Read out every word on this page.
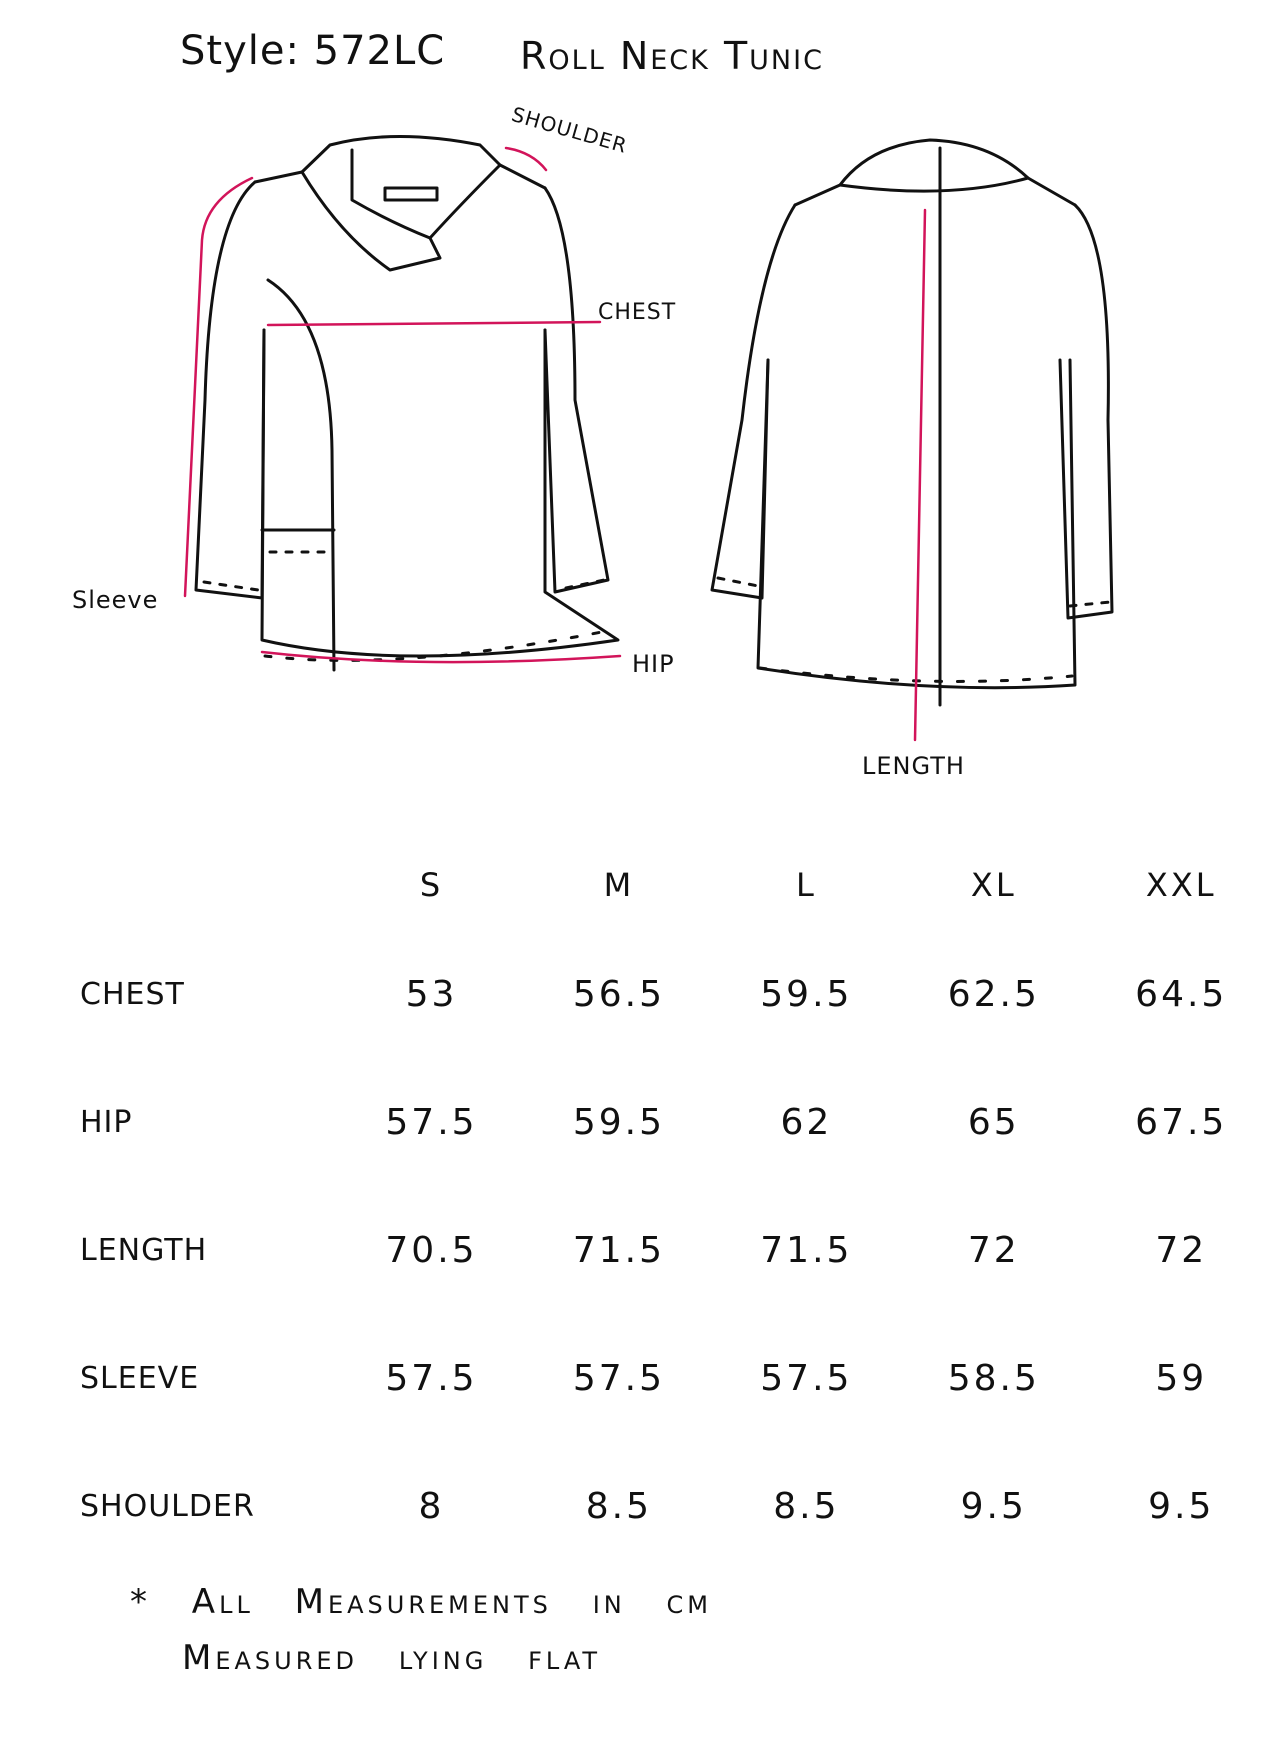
Style: 572LC Roll Neck Tunic
SHOULDER
CHEST
Sleeve
HIP
LENGTH
	S	M	L	XL	XXL
CHEST	53	56.5	59.5	62.5	64.5
HIP	57.5	59.5	62	65	67.5
LENGTH	70.5	71.5	71.5	72	72
SLEEVE	57.5	57.5	57.5	58.5	59
SHOULDER	8	8.5	8.5	9.5	9.5
* All Measurements in cm
Measured lying flat
